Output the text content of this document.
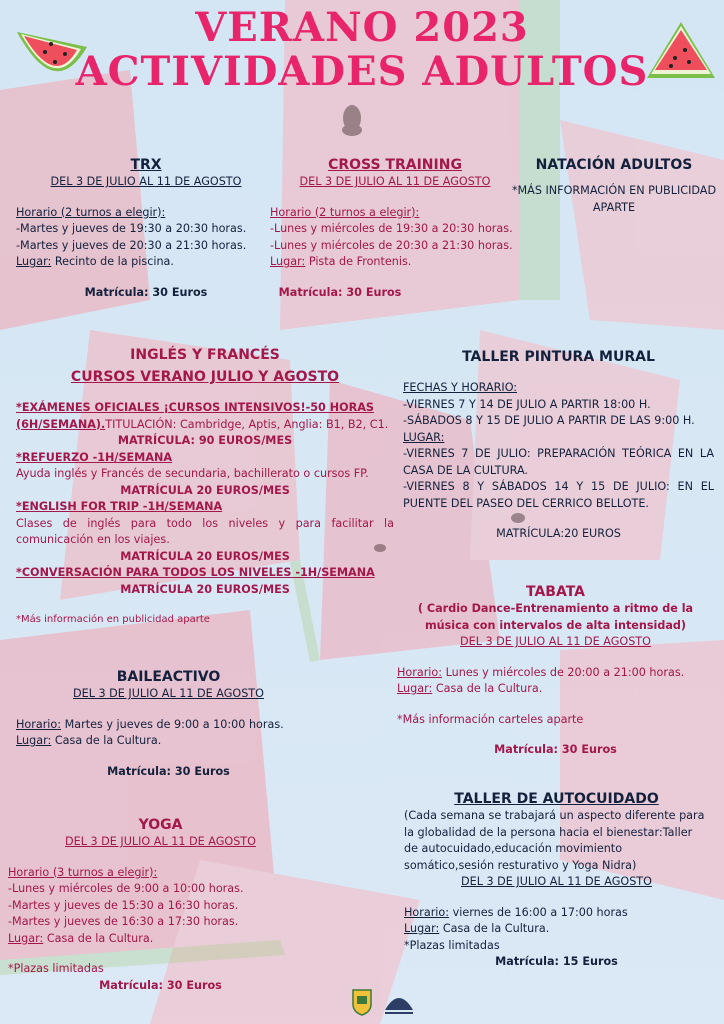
VERANO 2023
ACTIVIDADES ADULTOS
TRX
DEL 3 DE JULIO AL 11 DE AGOSTO
Horario (2 turnos a elegir):
-Martes y jueves de 19:30 a 20:30 horas.
-Martes y jueves de 20:30 a 21:30 horas.
Lugar: Recinto de la piscina.
Matrícula: 30 Euros
CROSS TRAINING
DEL 3 DE JULIO AL 11 DE AGOSTO
Horario (2 turnos a elegir):
-Lunes y miércoles de 19:30 a 20:30 horas.
-Lunes y miércoles de 20:30 a 21:30 horas.
Lugar: Pista de Frontenis.
Matrícula: 30 Euros
NATACIÓN ADULTOS
*MÁS INFORMACIÓN EN PUBLICIDAD APARTE
INGLÉS Y FRANCÉS
CURSOS VERANO JULIO Y AGOSTO
*EXÁMENES OFICIALES ¡CURSOS INTENSIVOS!-50 HORAS (6H/SEMANA).TITULACIÓN: Cambridge, Aptis, Anglia: B1, B2, C1.
MATRÍCULA: 90 EUROS/MES
*REFUERZO -1H/SEMANA
Ayuda inglés y Francés de secundaria, bachillerato o cursos FP.
MATRÍCULA 20 EUROS/MES
*ENGLISH FOR TRIP -1H/SEMANA
Clases de inglés para todo los niveles y para facilitar la comunicación en los viajes.
MATRÍCULA 20 EUROS/MES
*CONVERSACIÓN PARA TODOS LOS NIVELES -1H/SEMANA
MATRÍCULA 20 EUROS/MES
*Más información en publicidad aparte
TALLER PINTURA MURAL
FECHAS Y HORARIO:
-VIERNES 7 Y 14 DE JULIO A PARTIR 18:00 H.
-SÁBADOS 8 Y 15 DE JULIO A PARTIR DE LAS 9:00 H.
LUGAR:
-VIERNES 7 DE JULIO: PREPARACIÓN TEÓRICA EN LA CASA DE LA CULTURA.
-VIERNES 8 Y SÁBADOS 14 Y 15 DE JULIO: EN EL PUENTE DEL PASEO DEL CERRICO BELLOTE.
MATRÍCULA:20 EUROS
TABATA
( Cardio Dance-Entrenamiento a ritmo de la música con intervalos de alta intensidad)
DEL 3 DE JULIO AL 11 DE AGOSTO
Horario: Lunes y miércoles de 20:00 a 21:00 horas.
Lugar: Casa de la Cultura.
*Más información carteles aparte
Matrícula: 30 Euros
BAILEACTIVO
DEL 3 DE JULIO AL 11 DE AGOSTO
Horario: Martes y jueves de 9:00 a 10:00 horas.
Lugar: Casa de la Cultura.
Matrícula: 30 Euros
YOGA
DEL 3 DE JULIO AL 11 DE AGOSTO
Horario (3 turnos a elegir):
-Lunes y miércoles de 9:00 a 10:00 horas.
-Martes y jueves de 15:30 a 16:30 horas.
-Martes y jueves de 16:30 a 17:30 horas.
Lugar: Casa de la Cultura.
*Plazas limitadas
Matrícula: 30 Euros
TALLER DE AUTOCUIDADO
(Cada semana se trabajará un aspecto diferente para la globalidad de la persona hacia el bienestar:Taller de autocuidado,educación movimiento somático,sesión resturativo y Yoga Nidra)
DEL 3 DE JULIO AL 11 DE AGOSTO
Horario: viernes de 16:00 a 17:00 horas
Lugar: Casa de la Cultura.
*Plazas limitadas
Matrícula: 15 Euros
